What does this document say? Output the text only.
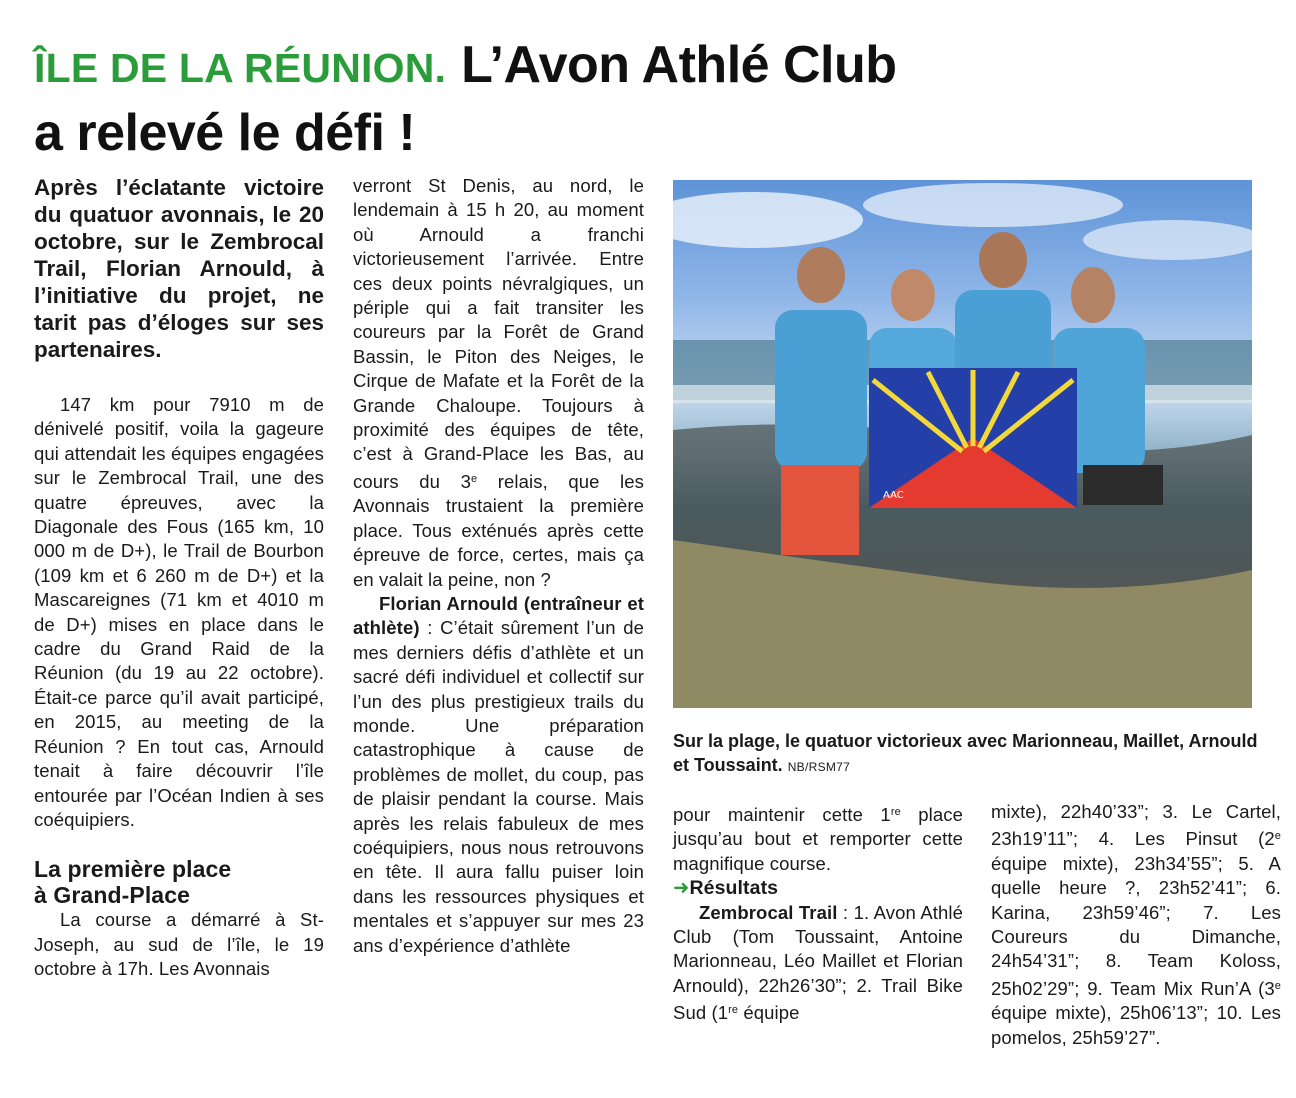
ÎLE DE LA RÉUNION. L’Avon Athlé Club
a relevé le défi !
Après l’éclatante victoire du quatuor avonnais, le 20 octobre, sur le Zembrocal Trail, Florian Arnould, à l’initiative du projet, ne tarit pas d’éloges sur ses partenaires.

147 km pour 7910 m de dénivelé positif, voila la gageure qui attendait les équipes engagées sur le Zembrocal Trail, une des quatre épreuves, avec la Diagonale des Fous (165 km, 10 000 m de D+), le Trail de Bourbon (109 km et 6 260 m de D+) et la Mascareignes (71 km et 4010 m de D+) mises en place dans le cadre du Grand Raid de la Réunion (du 19 au 22 octobre). Était-ce parce qu’il avait participé, en 2015, au meeting de la Réunion ? En tout cas, Arnould tenait à faire découvrir l’île entourée par l’Océan Indien à ses coéquipiers.

La première place
à Grand-Place

La course a démarré à St-Joseph, au sud de l’île, le 19 octobre à 17h. Les Avonnais

verront St Denis, au nord, le lendemain à 15 h 20, au moment où Arnould a franchi victorieusement l’arrivée. Entre ces deux points névralgiques, un périple qui a fait transiter les coureurs par la Forêt de Grand Bassin, le Piton des Neiges, le Cirque de Mafate et la Forêt de la Grande Chaloupe. Toujours à proximité des équipes de tête, c’est à Grand-Place les Bas, au cours du 3e relais, que les Avonnais trustaient la première place. Tous exténués après cette épreuve de force, certes, mais ça en valait la peine, non ?

Florian Arnould (entraîneur et athlète) : C’était sûrement l’un de mes derniers défis d’athlète et un sacré défi individuel et collectif sur l’un des plus prestigieux trails du monde. Une préparation catastrophique à cause de problèmes de mollet, du coup, pas de plaisir pendant la course. Mais après les relais fabuleux de mes coéquipiers, nous nous retrouvons en tête. Il aura fallu puiser loin dans les ressources physiques et mentales et s’appuyer sur mes 23 ans d’expérience d’athlète

AAC
Sur la plage, le quatuor victorieux avec Marionneau, Maillet, Arnould et Toussaint. NB/RSM77

pour maintenir cette 1re place jusqu’au bout et remporter cette magnifique course.

➜Résultats

Zembrocal Trail : 1. Avon Athlé Club (Tom Toussaint, Antoine Marionneau, Léo Maillet et Florian Arnould), 22h26’30”; 2. Trail Bike Sud (1re équipe

mixte), 22h40’33”; 3. Le Cartel, 23h19’11”; 4. Les Pinsut (2e équipe mixte), 23h34’55”; 5. A quelle heure ?, 23h52’41”; 6. Karina, 23h59’46”; 7. Les Coureurs du Dimanche, 24h54’31”; 8. Team Koloss, 25h02’29”; 9. Team Mix Run’A (3e équipe mixte), 25h06’13”; 10. Les pomelos, 25h59’27”.
